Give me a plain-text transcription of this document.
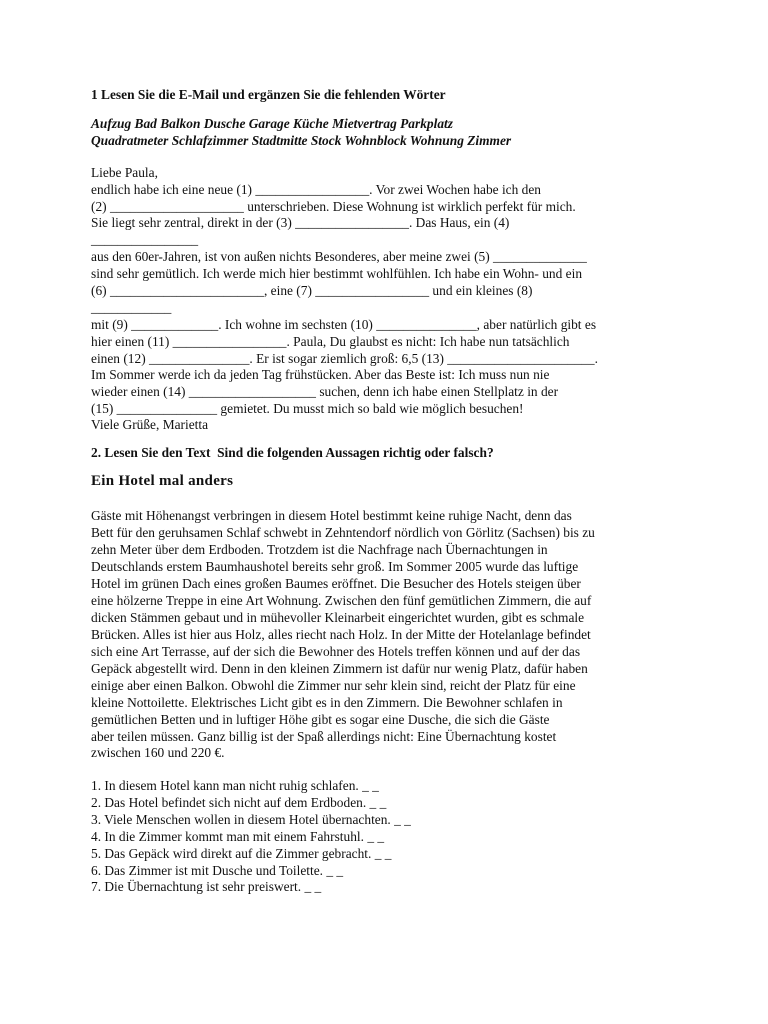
1 Lesen Sie die E-Mail und ergänzen Sie die fehlenden Wörter
Aufzug Bad Balkon Dusche Garage Küche Mietvertrag Parkplatz
Quadratmeter Schlafzimmer Stadtmitte Stock Wohnblock Wohnung Zimmer
Liebe Paula,
endlich habe ich eine neue (1) _________________. Vor zwei Wochen habe ich den
(2) ____________________ unterschrieben. Diese Wohnung ist wirklich perfekt für mich.
Sie liegt sehr zentral, direkt in der (3) _________________. Das Haus, ein (4)
________________
aus den 60er-Jahren, ist von außen nichts Besonderes, aber meine zwei (5) ______________
sind sehr gemütlich. Ich werde mich hier bestimmt wohlfühlen. Ich habe ein Wohn- und ein
(6) _______________________, eine (7) _________________ und ein kleines (8)
____________
mit (9) _____________. Ich wohne im sechsten (10) _______________, aber natürlich gibt es
hier einen (11) _________________. Paula, Du glaubst es nicht: Ich habe nun tatsächlich
einen (12) _______________. Er ist sogar ziemlich groß: 6,5 (13) ______________________.
Im Sommer werde ich da jeden Tag frühstücken. Aber das Beste ist: Ich muss nun nie
wieder einen (14) ___________________ suchen, denn ich habe einen Stellplatz in der
(15) _______________ gemietet. Du musst mich so bald wie möglich besuchen!
Viele Grüße, Marietta
2. Lesen Sie den Text  Sind die folgenden Aussagen richtig oder falsch?
Ein Hotel mal anders
Gäste mit Höhenangst verbringen in diesem Hotel bestimmt keine ruhige Nacht, denn das
Bett für den geruhsamen Schlaf schwebt in Zehntendorf nördlich von Görlitz (Sachsen) bis zu
zehn Meter über dem Erdboden. Trotzdem ist die Nachfrage nach Übernachtungen in
Deutschlands erstem Baumhaushotel bereits sehr groß. Im Sommer 2005 wurde das luftige
Hotel im grünen Dach eines großen Baumes eröffnet. Die Besucher des Hotels steigen über
eine hölzerne Treppe in eine Art Wohnung. Zwischen den fünf gemütlichen Zimmern, die auf
dicken Stämmen gebaut und in mühevoller Kleinarbeit eingerichtet wurden, gibt es schmale
Brücken. Alles ist hier aus Holz, alles riecht nach Holz. In der Mitte der Hotelanlage befindet
sich eine Art Terrasse, auf der sich die Bewohner des Hotels treffen können und auf der das
Gepäck abgestellt wird. Denn in den kleinen Zimmern ist dafür nur wenig Platz, dafür haben
einige aber einen Balkon. Obwohl die Zimmer nur sehr klein sind, reicht der Platz für eine
kleine Nottoilette. Elektrisches Licht gibt es in den Zimmern. Die Bewohner schlafen in
gemütlichen Betten und in luftiger Höhe gibt es sogar eine Dusche, die sich die Gäste
aber teilen müssen. Ganz billig ist der Spaß allerdings nicht: Eine Übernachtung kostet
zwischen 160 und 220 €.
1. In diesem Hotel kann man nicht ruhig schlafen. _ _
2. Das Hotel befindet sich nicht auf dem Erdboden. _ _
3. Viele Menschen wollen in diesem Hotel übernachten. _ _
4. In die Zimmer kommt man mit einem Fahrstuhl. _ _
5. Das Gepäck wird direkt auf die Zimmer gebracht. _ _
6. Das Zimmer ist mit Dusche und Toilette. _ _
7. Die Übernachtung ist sehr preiswert. _ _
